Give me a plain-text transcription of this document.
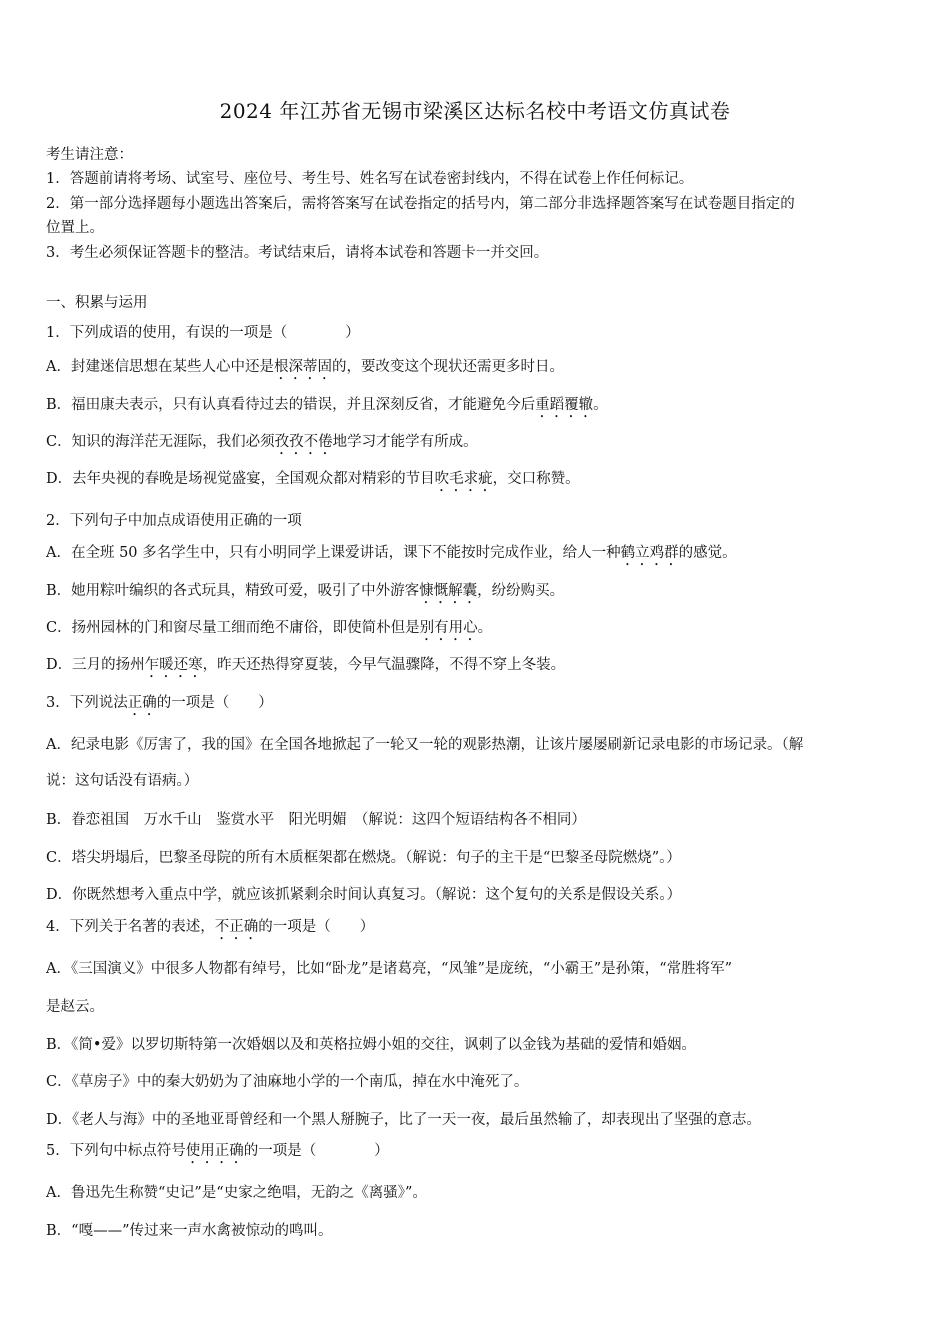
2024 年江苏省无锡市梁溪区达标名校中考语文仿真试卷
考生请注意：
1．答题前请将考场、试室号、座位号、考生号、姓名写在试卷密封线内，不得在试卷上作任何标记。
2．第一部分选择题每小题选出答案后，需将答案写在试卷指定的括号内，第二部分非选择题答案写在试卷题目指定的
位置上。
3．考生必须保证答题卡的整洁。考试结束后，请将本试卷和答题卡一并交回。
一、积累与运用
1．下列成语的使用，有误的一项是（　　　　）
A．封建迷信思想在某些人心中还是根深蒂固的，要改变这个现状还需更多时日。
B．福田康夫表示，只有认真看待过去的错误，并且深刻反省，才能避免今后重蹈覆辙。
C．知识的海洋茫无涯际，我们必须孜孜不倦地学习才能学有所成。
D．去年央视的春晚是场视觉盛宴，全国观众都对精彩的节目吹毛求疵，交口称赞。
2．下列句子中加点成语使用正确的一项
A．在全班 50 多名学生中，只有小明同学上课爱讲话，课下不能按时完成作业，给人一种鹤立鸡群的感觉。
B．她用粽叶编织的各式玩具，精致可爱，吸引了中外游客慷慨解囊，纷纷购买。
C．扬州园林的门和窗尽量工细而绝不庸俗，即使简朴但是别有用心。
D．三月的扬州乍暖还寒，昨天还热得穿夏装，今早气温骤降，不得不穿上冬装。
3．下列说法正确的一项是（　　）
A．纪录电影《厉害了，我的国》在全国各地掀起了一轮又一轮的观影热潮，让该片屡屡刷新记录电影的市场记录。（解
说：这句话没有语病。）
B．眷恋祖国　万水千山　鉴赏水平　阳光明媚　（解说：这四个短语结构各不相同）
C．塔尖坍塌后，巴黎圣母院的所有木质框架都在燃烧。（解说：句子的主干是“巴黎圣母院燃烧”。）
D．你既然想考入重点中学，就应该抓紧剩余时间认真复习。（解说：这个复句的关系是假设关系。）
4．下列关于名著的表述，不正确的一项是（　　）
A．《三国演义》中很多人物都有绰号，比如“卧龙”是诸葛亮，“凤雏”是庞统，“小霸王”是孙策，“常胜将军”
是赵云。
B．《简•爱》以罗切斯特第一次婚姻以及和英格拉姆小姐的交往，讽刺了以金钱为基础的爱情和婚姻。
C．《草房子》中的秦大奶奶为了油麻地小学的一个南瓜，掉在水中淹死了。
D．《老人与海》中的圣地亚哥曾经和一个黑人掰腕子，比了一天一夜，最后虽然输了，却表现出了坚强的意志。
5．下列句中标点符号使用正确的一项是（　　　　）
A．鲁迅先生称赞“史记”是“史家之绝唱，无韵之《离骚》”。
B．“嘎——”传过来一声水禽被惊动的鸣叫。
